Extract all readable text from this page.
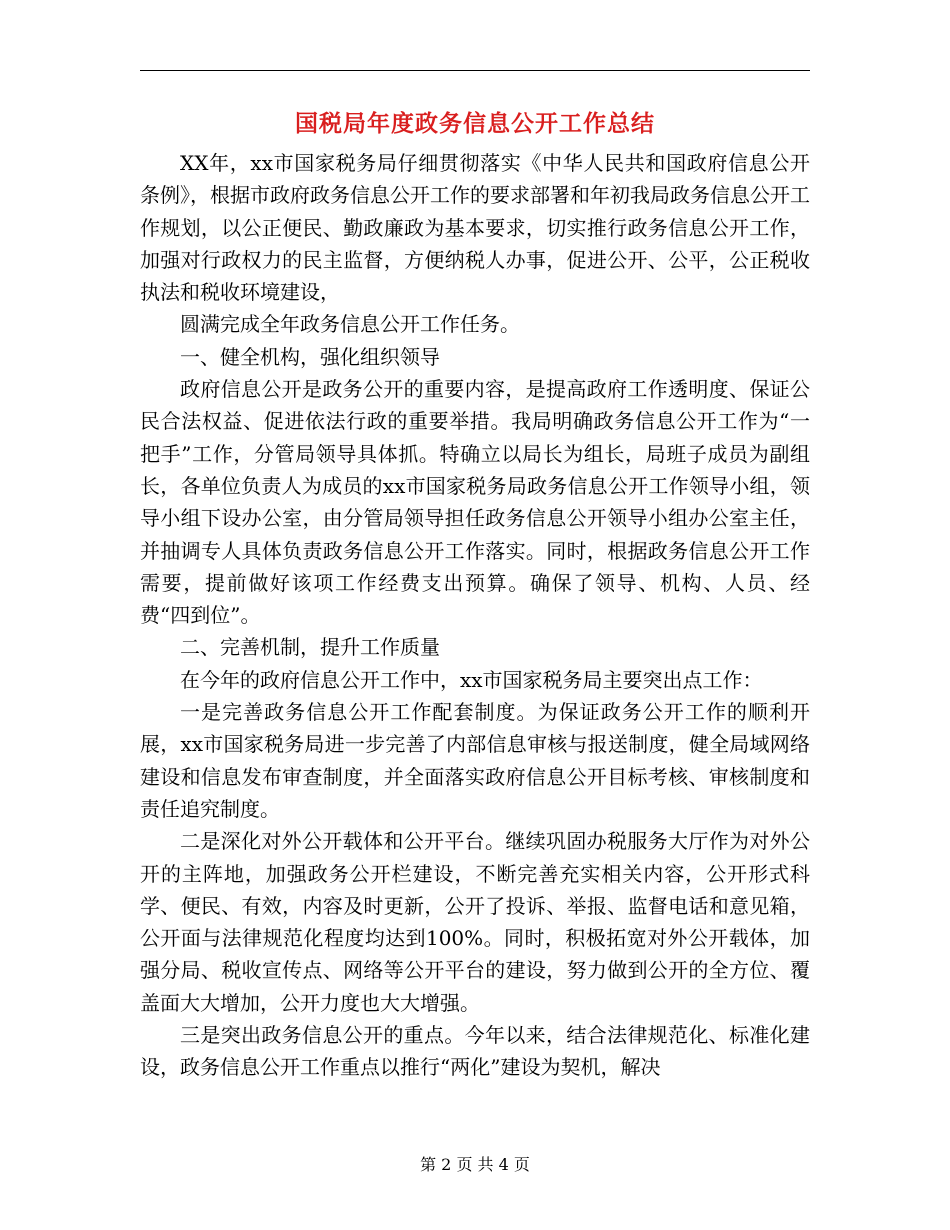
国税局年度政务信息公开工作总结

XX年，xx市国家税务局仔细贯彻落实《中华人民共和国政府信息公开条例》，根据市政府政务信息公开工作的要求部署和年初我局政务信息公开工作规划，以公正便民、勤政廉政为基本要求，切实推行政务信息公开工作，加强对行政权力的民主监督，方便纳税人办事，促进公开、公平，公正税收执法和税收环境建设，

圆满完成全年政务信息公开工作任务。

一、健全机构，强化组织领导

政府信息公开是政务公开的重要内容，是提高政府工作透明度、保证公民合法权益、促进依法行政的重要举措。我局明确政务信息公开工作为“一把手”工作，分管局领导具体抓。特确立以局长为组长，局班子成员为副组长，各单位负责人为成员的xx市国家税务局政务信息公开工作领导小组，领导小组下设办公室，由分管局领导担任政务信息公开领导小组办公室主任，并抽调专人具体负责政务信息公开工作落实。同时，根据政务信息公开工作需要，提前做好该项工作经费支出预算。确保了领导、机构、人员、经费“四到位”。

二、完善机制，提升工作质量

在今年的政府信息公开工作中，xx市国家税务局主要突出点工作：

一是完善政务信息公开工作配套制度。为保证政务公开工作的顺利开展，xx市国家税务局进一步完善了内部信息审核与报送制度，健全局域网络建设和信息发布审查制度，并全面落实政府信息公开目标考核、审核制度和责任追究制度。

二是深化对外公开载体和公开平台。继续巩固办税服务大厅作为对外公开的主阵地，加强政务公开栏建设，不断完善充实相关内容，公开形式科学、便民、有效，内容及时更新，公开了投诉、举报、监督电话和意见箱，公开面与法律规范化程度均达到100%。同时，积极拓宽对外公开载体，加强分局、税收宣传点、网络等公开平台的建设，努力做到公开的全方位、覆盖面大大增加，公开力度也大大增强。

三是突出政务信息公开的重点。今年以来，结合法律规范化、标准化建设，政务信息公开工作重点以推行“两化”建设为契机，解决

第 2 页 共 4 页
